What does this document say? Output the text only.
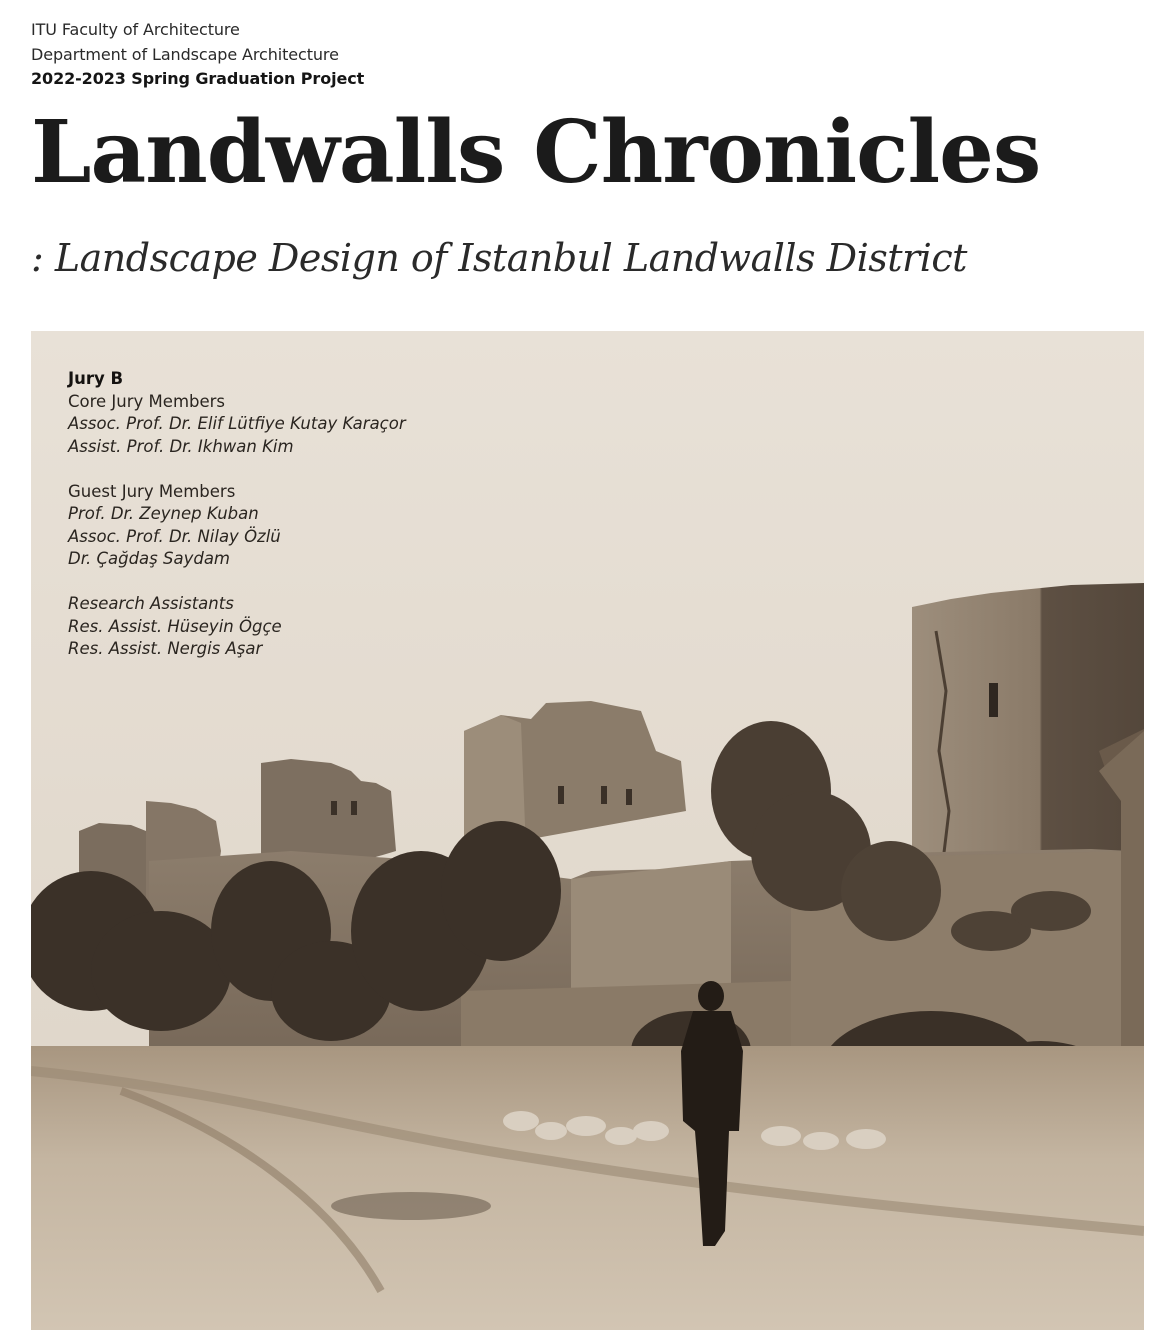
ITU Faculty of Architecture
Department of Landscape Architecture
2022-2023 Spring Graduation Project
Landwalls Chronicles
: Landscape Design of Istanbul Landwalls District
Jury B
Core Jury Members
Assoc. Prof. Dr. Elif Lütfiye Kutay Karaçor
Assist. Prof. Dr. Ikhwan Kim
Guest Jury Members
Prof. Dr. Zeynep Kuban
Assoc. Prof. Dr. Nilay Özlü
Dr. Çağdaş Saydam
Research Assistants
Res. Assist. Hüseyin Ögçe
Res. Assist. Nergis Aşar
